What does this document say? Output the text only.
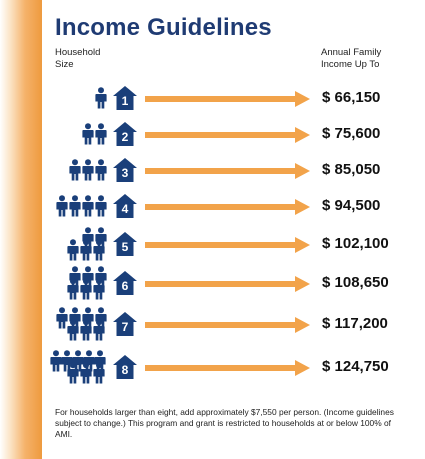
Income Guidelines
Household
Size
Annual Family
Income Up To
1	$ 66,150
2	$ 75,600
3	$ 85,050
4	$ 94,500
5	$ 102,100
6	$ 108,650
7	$ 117,200
8	$ 124,750
For households larger than eight, add approximately $7,550 per person. (Income guidelines subject to change.) This program and grant is restricted to households at or below 100% of AMI.
